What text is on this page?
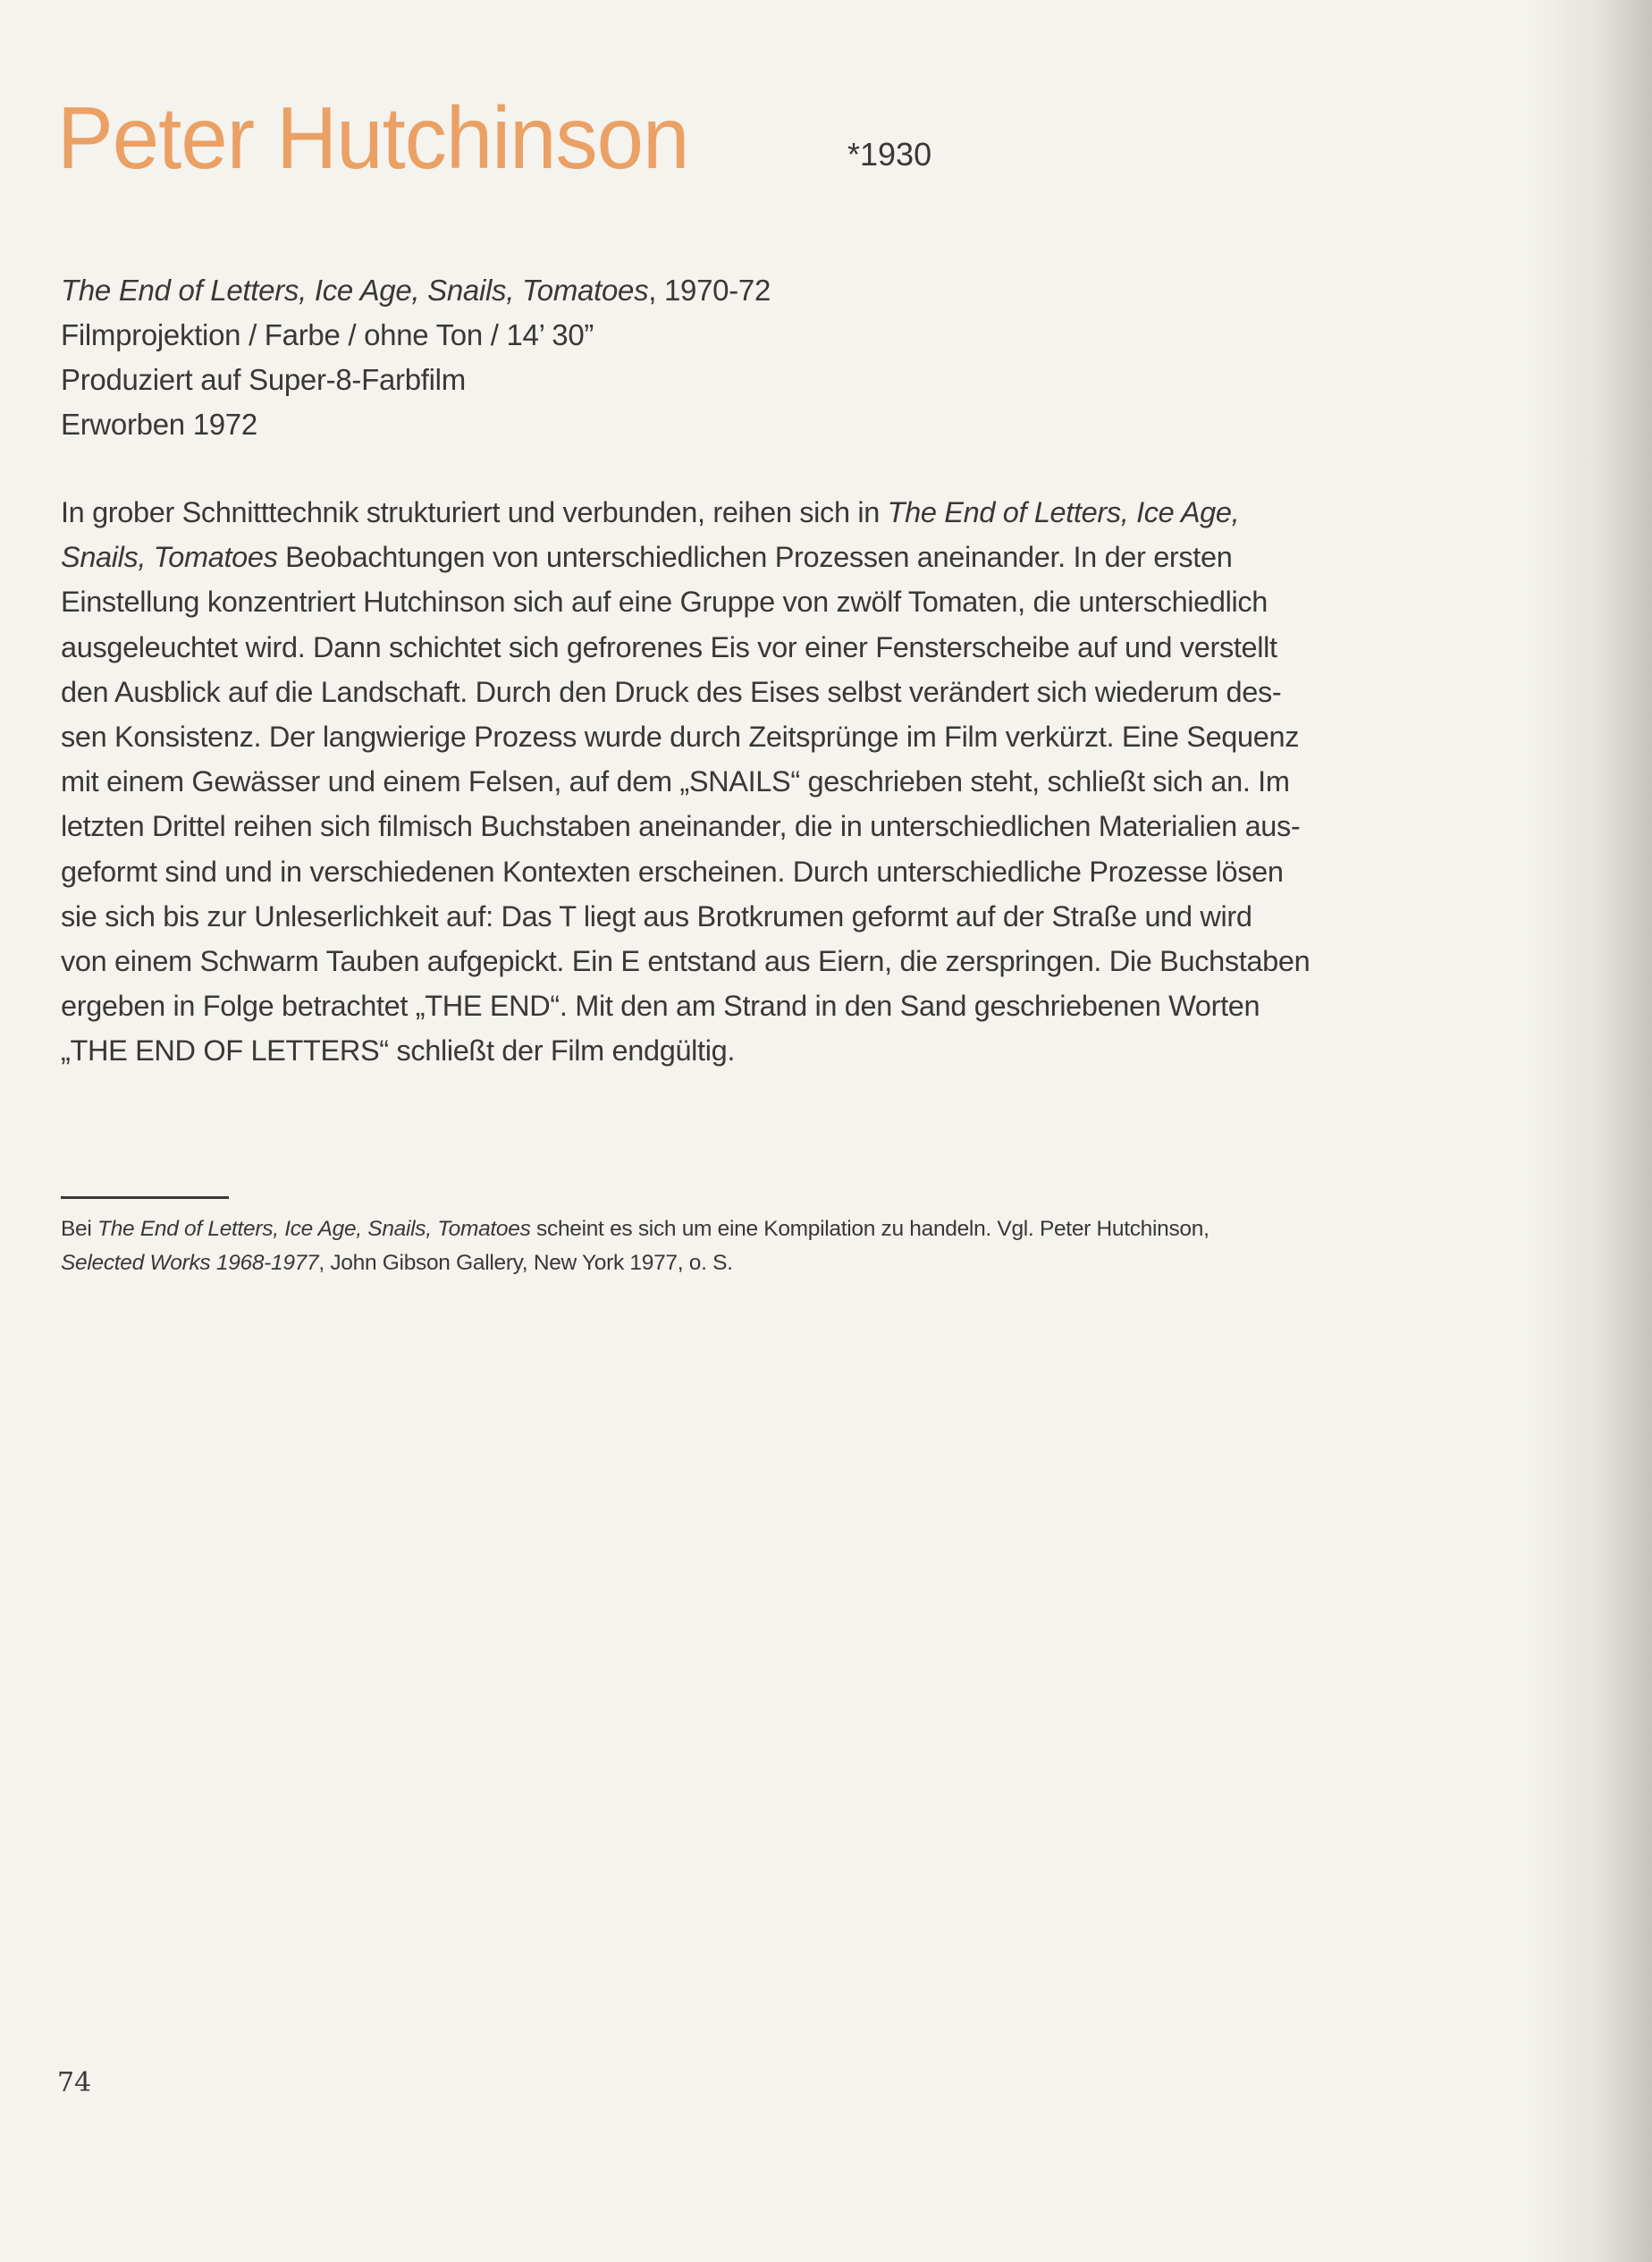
Peter Hutchinson	*1930
The End of Letters, Ice Age, Snails, Tomatoes, 1970-72
Filmprojektion / Farbe / ohne Ton / 14’ 30”
Produziert auf Super-8-Farbfilm
Erworben 1972
In grober Schnitttechnik strukturiert und verbunden, reihen sich in The End of Letters, Ice Age,
Snails, Tomatoes Beobachtungen von unterschiedlichen Prozessen aneinander. In der ersten
Einstellung konzentriert Hutchinson sich auf eine Gruppe von zwölf Tomaten, die unterschiedlich
ausgeleuchtet wird. Dann schichtet sich gefrorenes Eis vor einer Fensterscheibe auf und verstellt
den Ausblick auf die Landschaft. Durch den Druck des Eises selbst verändert sich wiederum des-
sen Konsistenz. Der langwierige Prozess wurde durch Zeitsprünge im Film verkürzt. Eine Sequenz
mit einem Gewässer und einem Felsen, auf dem „SNAILS“ geschrieben steht, schließt sich an. Im
letzten Drittel reihen sich filmisch Buchstaben aneinander, die in unterschiedlichen Materialien aus-
geformt sind und in verschiedenen Kontexten erscheinen. Durch unterschiedliche Prozesse lösen
sie sich bis zur Unleserlichkeit auf: Das T liegt aus Brotkrumen geformt auf der Straße und wird
von einem Schwarm Tauben aufgepickt. Ein E entstand aus Eiern, die zerspringen. Die Buchstaben
ergeben in Folge betrachtet „THE END“. Mit den am Strand in den Sand geschriebenen Worten
„THE END OF LETTERS“ schließt der Film endgültig.
Bei The End of Letters, Ice Age, Snails, Tomatoes scheint es sich um eine Kompilation zu handeln. Vgl. Peter Hutchinson,
Selected Works 1968-1977, John Gibson Gallery, New York 1977, o. S.
74
